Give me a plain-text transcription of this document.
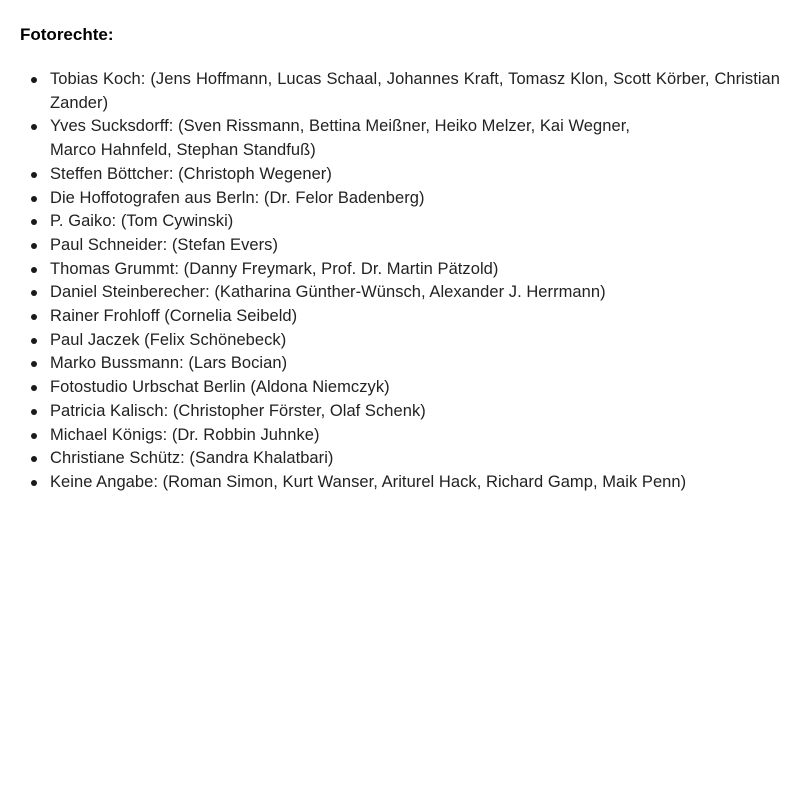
Fotorechte:
Tobias Koch: (Jens Hoffmann, Lucas Schaal, Johannes Kraft, Tomasz Klon, Scott Körber, Christian Zander)
Yves Sucksdorff: (Sven Rissmann, Bettina Meißner, Heiko Melzer, Kai Wegner,
Marco Hahnfeld, Stephan Standfuß)
Steffen Böttcher: (Christoph Wegener)
Die Hoffotografen aus Berln: (Dr. Felor Badenberg)
P. Gaiko: (Tom Cywinski)
Paul Schneider: (Stefan Evers)
Thomas Grummt: (Danny Freymark, Prof. Dr. Martin Pätzold)
Daniel Steinberecher: (Katharina Günther-Wünsch, Alexander J. Herrmann)
Rainer Frohloff (Cornelia Seibeld)
Paul Jaczek (Felix Schönebeck)
Marko Bussmann: (Lars Bocian)
Fotostudio Urbschat Berlin (Aldona Niemczyk)
Patricia Kalisch: (Christopher Förster, Olaf Schenk)
Michael Königs: (Dr. Robbin Juhnke)
Christiane Schütz: (Sandra Khalatbari)
Keine Angabe: (Roman Simon, Kurt Wanser, Ariturel Hack, Richard Gamp, Maik Penn)
